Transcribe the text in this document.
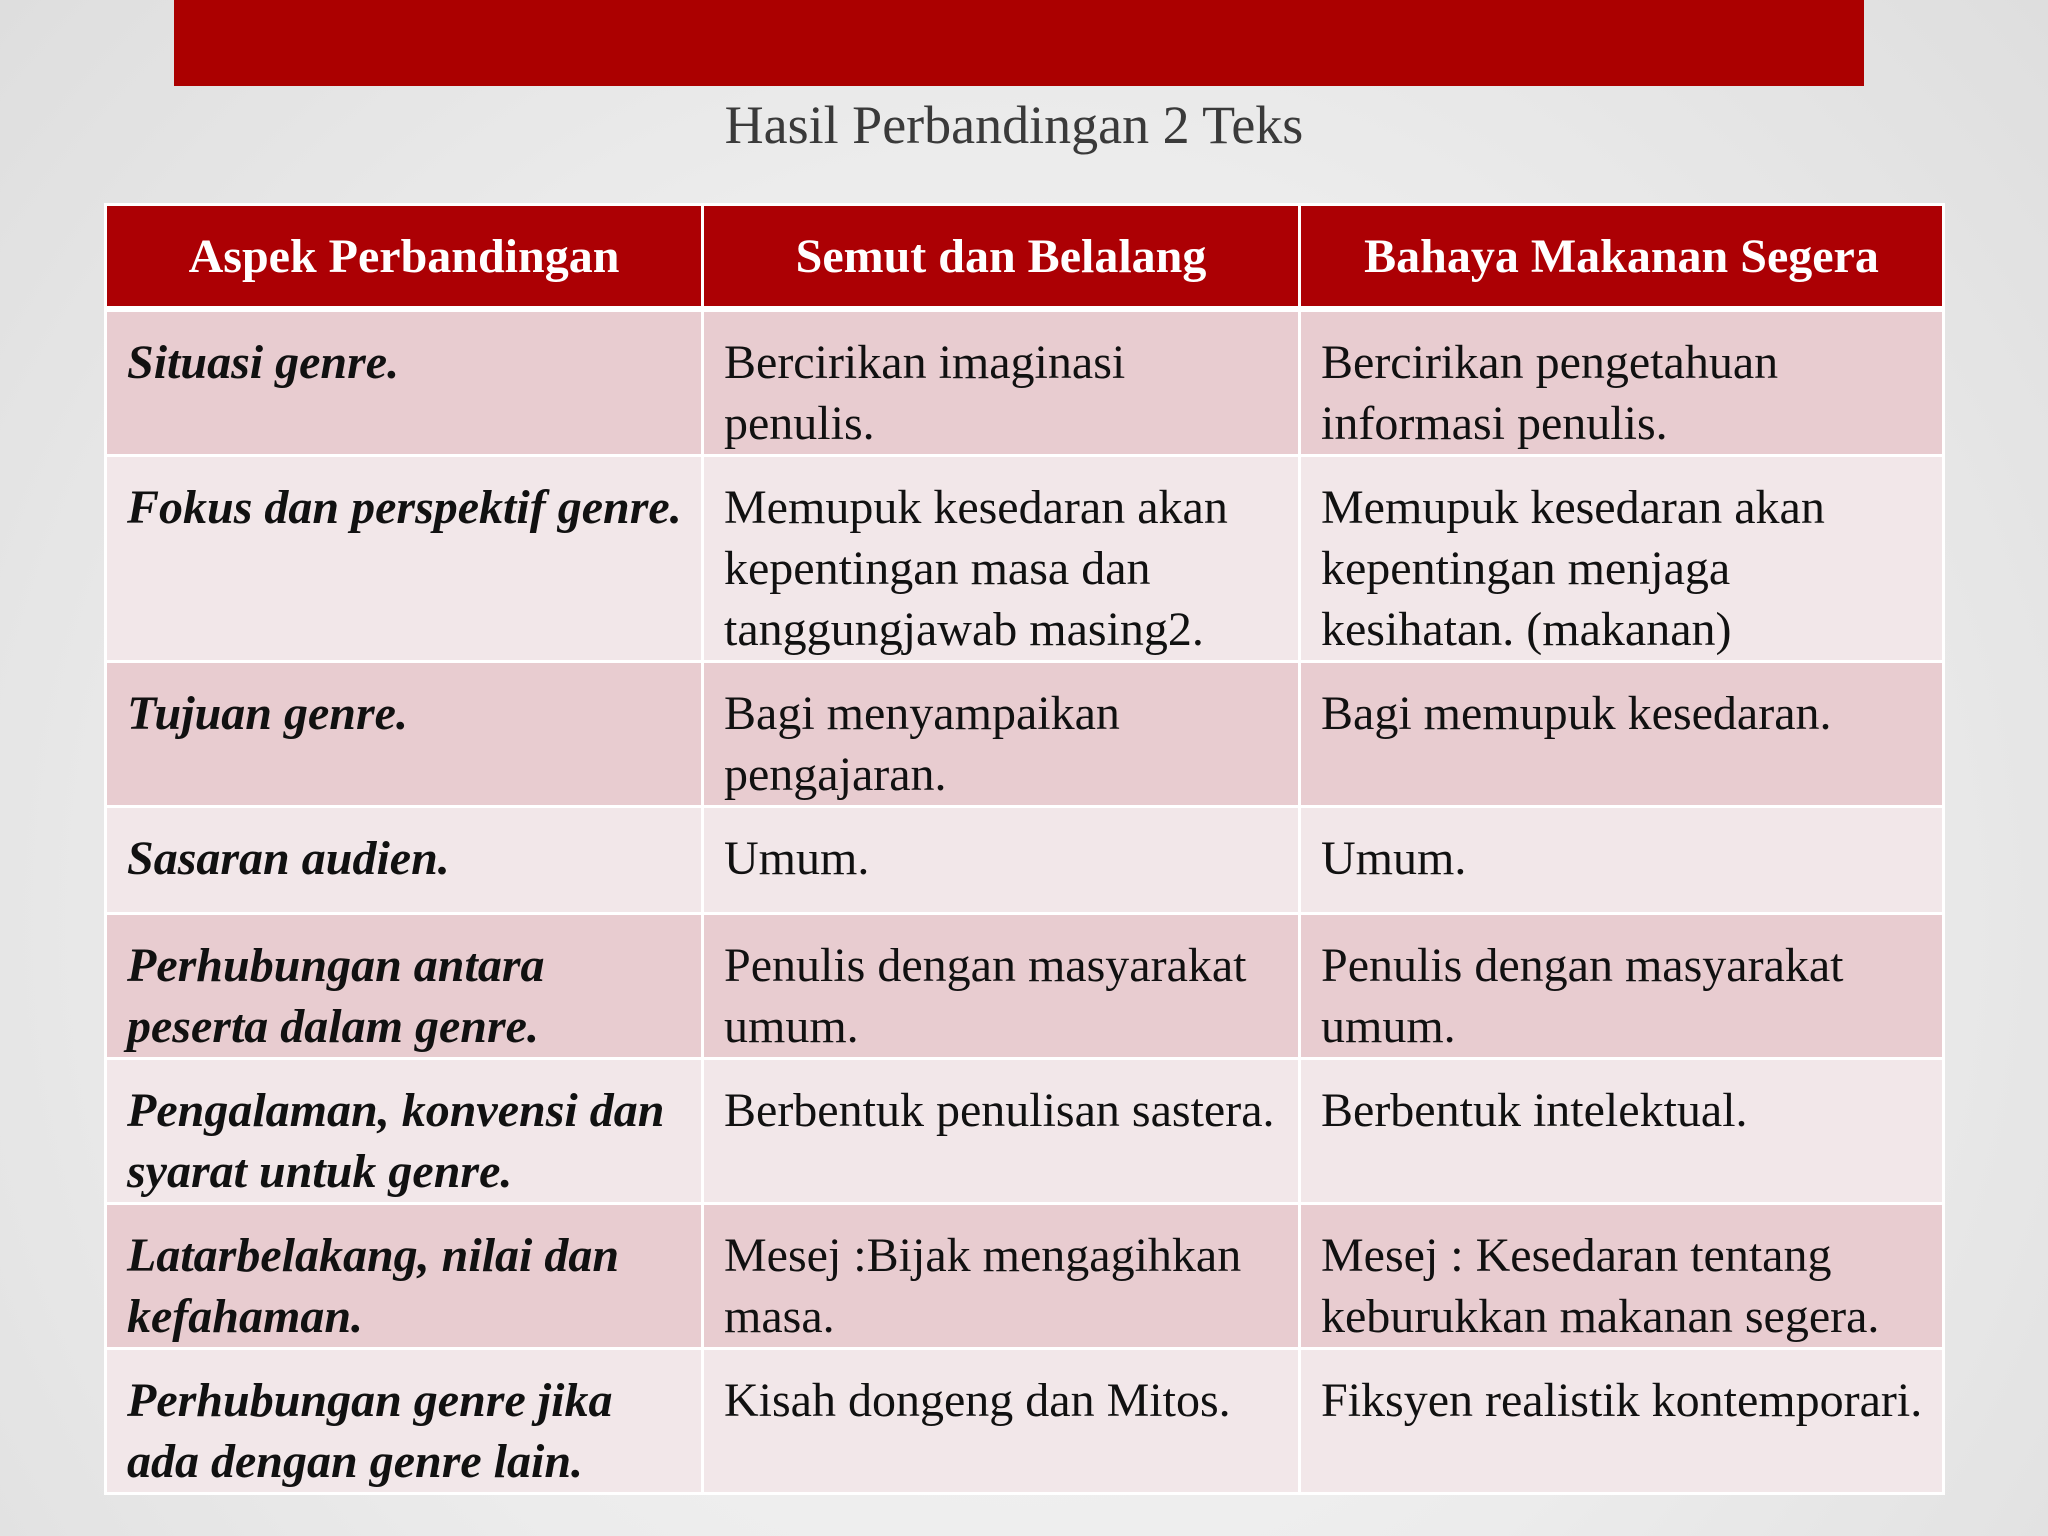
Hasil Perbandingan 2 Teks
Aspek Perbandingan	Semut dan Belalang	Bahaya Makanan Segera
Situasi genre.	Bercirikan imaginasi penulis.	Bercirikan pengetahuan informasi penulis.
Fokus dan perspektif genre.	Memupuk kesedaran akan kepentingan masa dan tanggungjawab masing2.	Memupuk kesedaran akan kepentingan menjaga kesihatan. (makanan)
Tujuan genre.	Bagi menyampaikan pengajaran.	Bagi memupuk kesedaran.
Sasaran audien.	Umum.	Umum.
Perhubungan antara peserta dalam genre.	Penulis dengan masyarakat umum.	Penulis dengan masyarakat umum.
Pengalaman, konvensi dan syarat untuk genre.	Berbentuk penulisan sastera.	Berbentuk intelektual.
Latarbelakang, nilai dan kefahaman.	Mesej :Bijak mengagihkan masa.	Mesej : Kesedaran tentang keburukkan makanan segera.
Perhubungan genre jika ada dengan genre lain.	Kisah dongeng dan Mitos.	Fiksyen realistik kontemporari.
